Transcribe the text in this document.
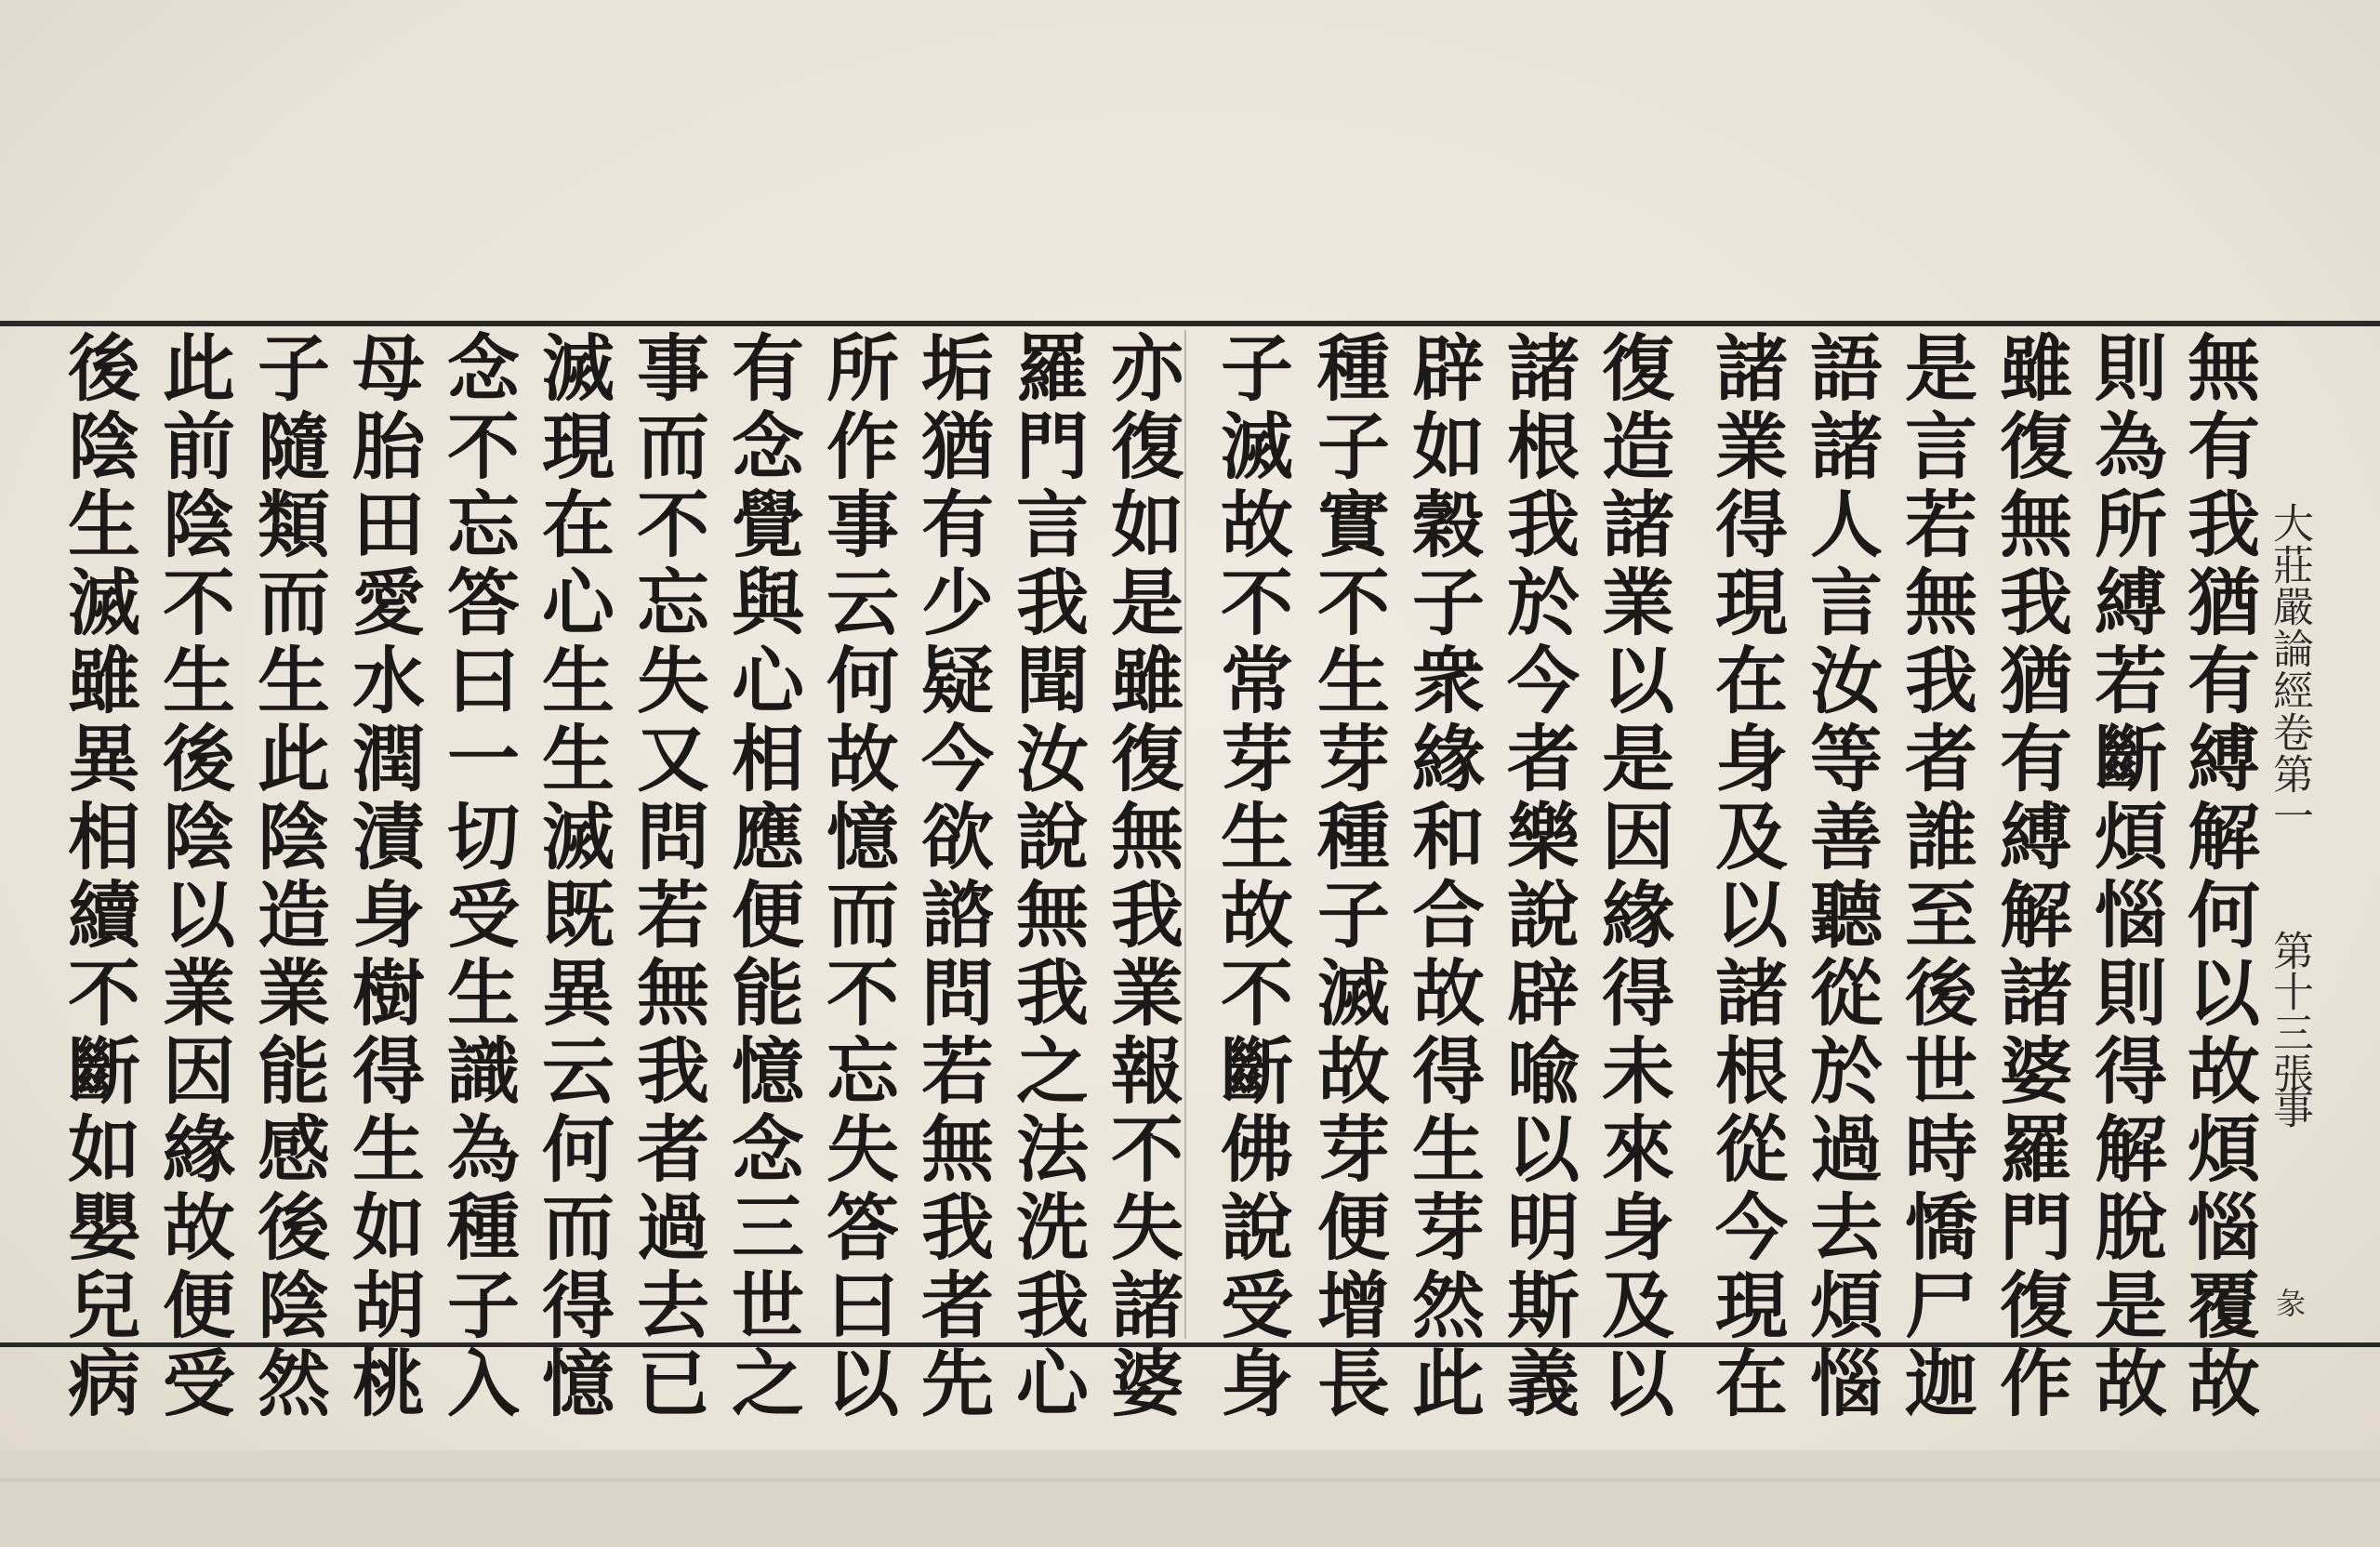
大莊嚴論經卷第一
第十三張
事
彖
無有我猶有縛解何以故煩惱覆故
則為所縛若斷煩惱則得解脫是故
雖復無我猶有縛解諸婆羅門復作
是言若無我者誰至後世時憍尸迦
語諸人言汝等善聽從於過去煩惱
諸業得現在身及以諸根從今現在
復造諸業以是因緣得未來身及以
諸根我於今者樂說辟喩以明斯義
辟如穀子衆緣和合故得生芽然此
種子實不生芽種子滅故芽便增長
子滅故不常芽生故不斷佛說受身
亦復如是雖復無我業報不失諸婆
羅門言我聞汝說無我之法洗我心
垢猶有少疑今欲諮問若無我者先
所作事云何故憶而不忘失答曰以
有念覺與心相應便能憶念三世之
事而不忘失又問若無我者過去已
滅現在心生生滅既異云何而得憶
念不忘答曰一切受生識為種子入
母胎田愛水潤漬身樹得生如胡桃
子隨類而生此陰造業能感後陰然
此前陰不生後陰以業因緣故便受
後陰生滅雖異相續不斷如嬰兒病
